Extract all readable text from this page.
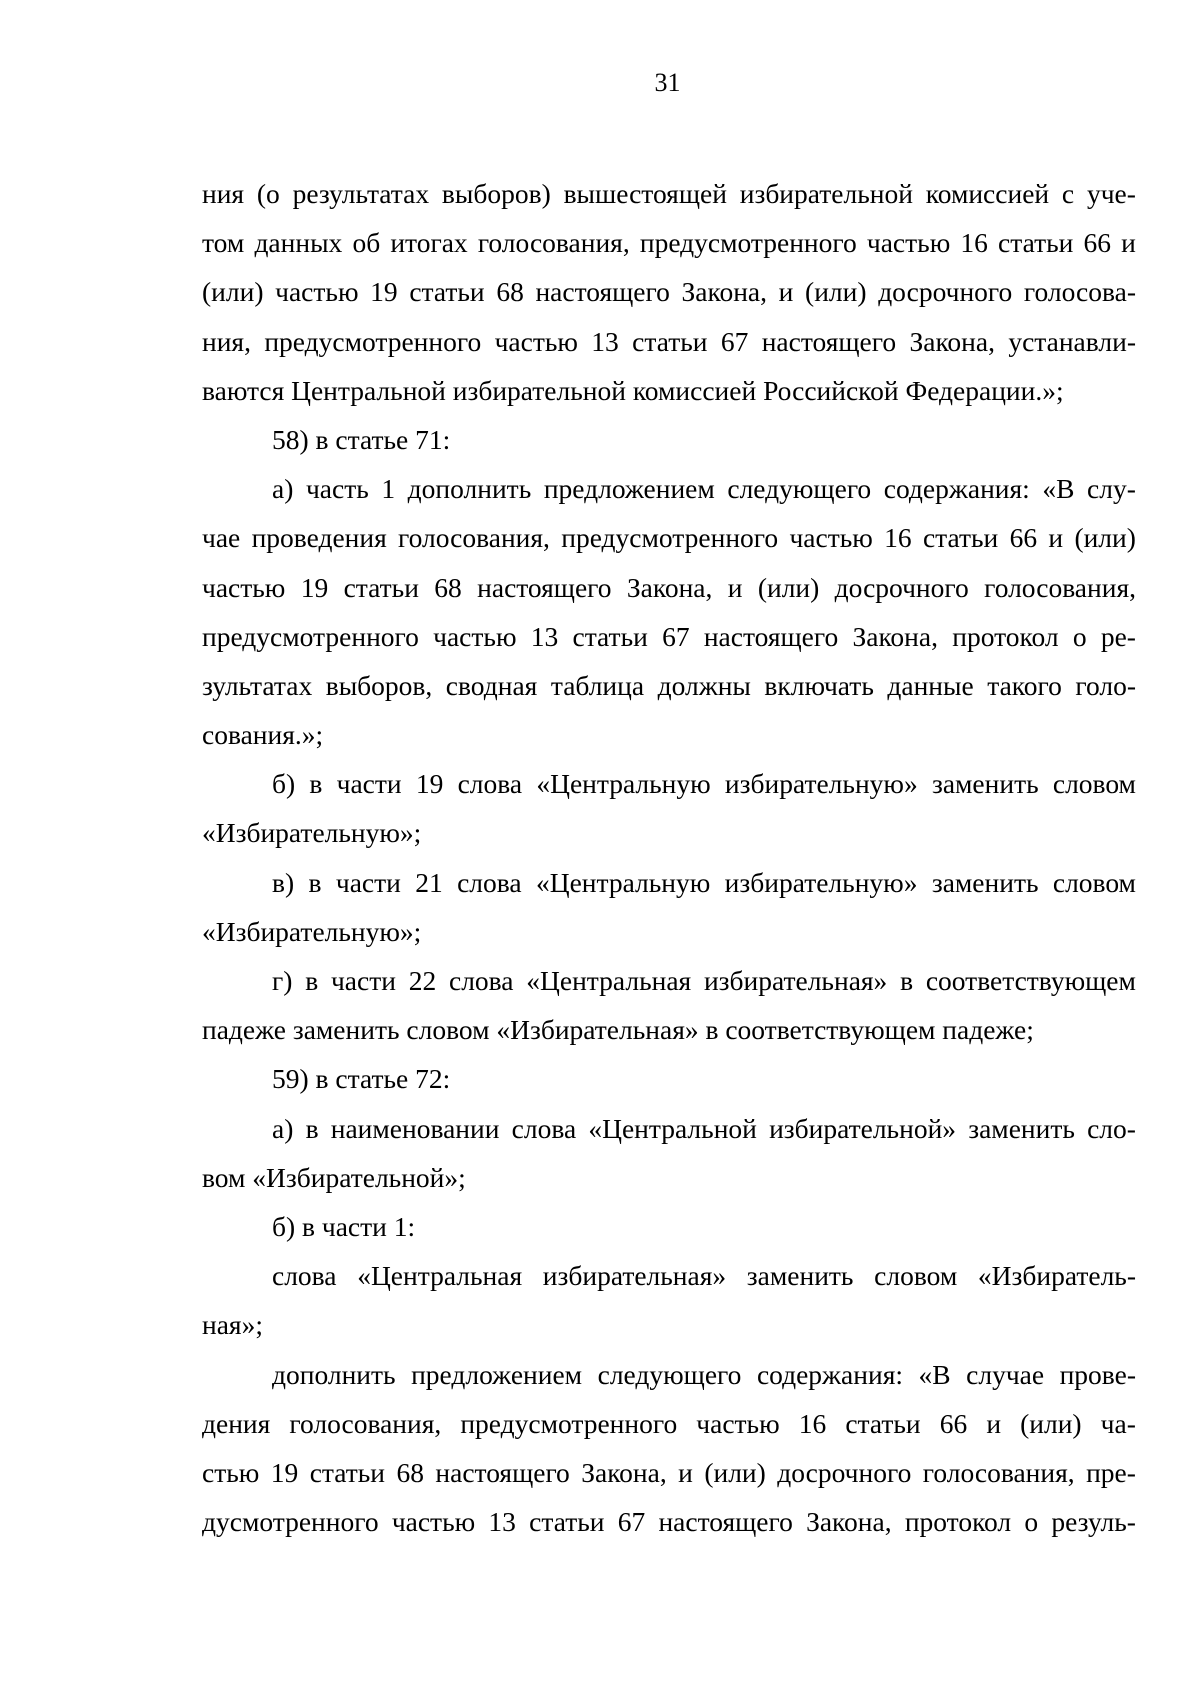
31
ния (о результатах выборов) вышестоящей избирательной комиссией с уче-
том данных об итогах голосования, предусмотренного частью 16 статьи 66 и
(или) частью 19 статьи 68 настоящего Закона, и (или) досрочного голосова-
ния, предусмотренного частью 13 статьи 67 настоящего Закона, устанавли-
ваются Центральной избирательной комиссией Российской Федерации.»;
58) в статье 71:
а) часть 1 дополнить предложением следующего содержания: «В слу-
чае проведения голосования, предусмотренного частью 16 статьи 66 и (или)
частью 19 статьи 68 настоящего Закона, и (или) досрочного голосования,
предусмотренного частью 13 статьи 67 настоящего Закона, протокол о ре-
зультатах выборов, сводная таблица должны включать данные такого голо-
сования.»;
б) в части 19 слова «Центральную избирательную» заменить словом
«Избирательную»;
в) в части 21 слова «Центральную избирательную» заменить словом
«Избирательную»;
г) в части 22 слова «Центральная избирательная» в соответствующем
падеже заменить словом «Избирательная» в соответствующем падеже;
59) в статье 72:
а) в наименовании слова «Центральной избирательной» заменить сло-
вом «Избирательной»;
б) в части 1:
слова «Центральная избирательная» заменить словом «Избиратель-
ная»;
дополнить предложением следующего содержания: «В случае прове-
дения голосования, предусмотренного частью 16 статьи 66 и (или) ча-
стью 19 статьи 68 настоящего Закона, и (или) досрочного голосования, пре-
дусмотренного частью 13 статьи 67 настоящего Закона, протокол о резуль-
